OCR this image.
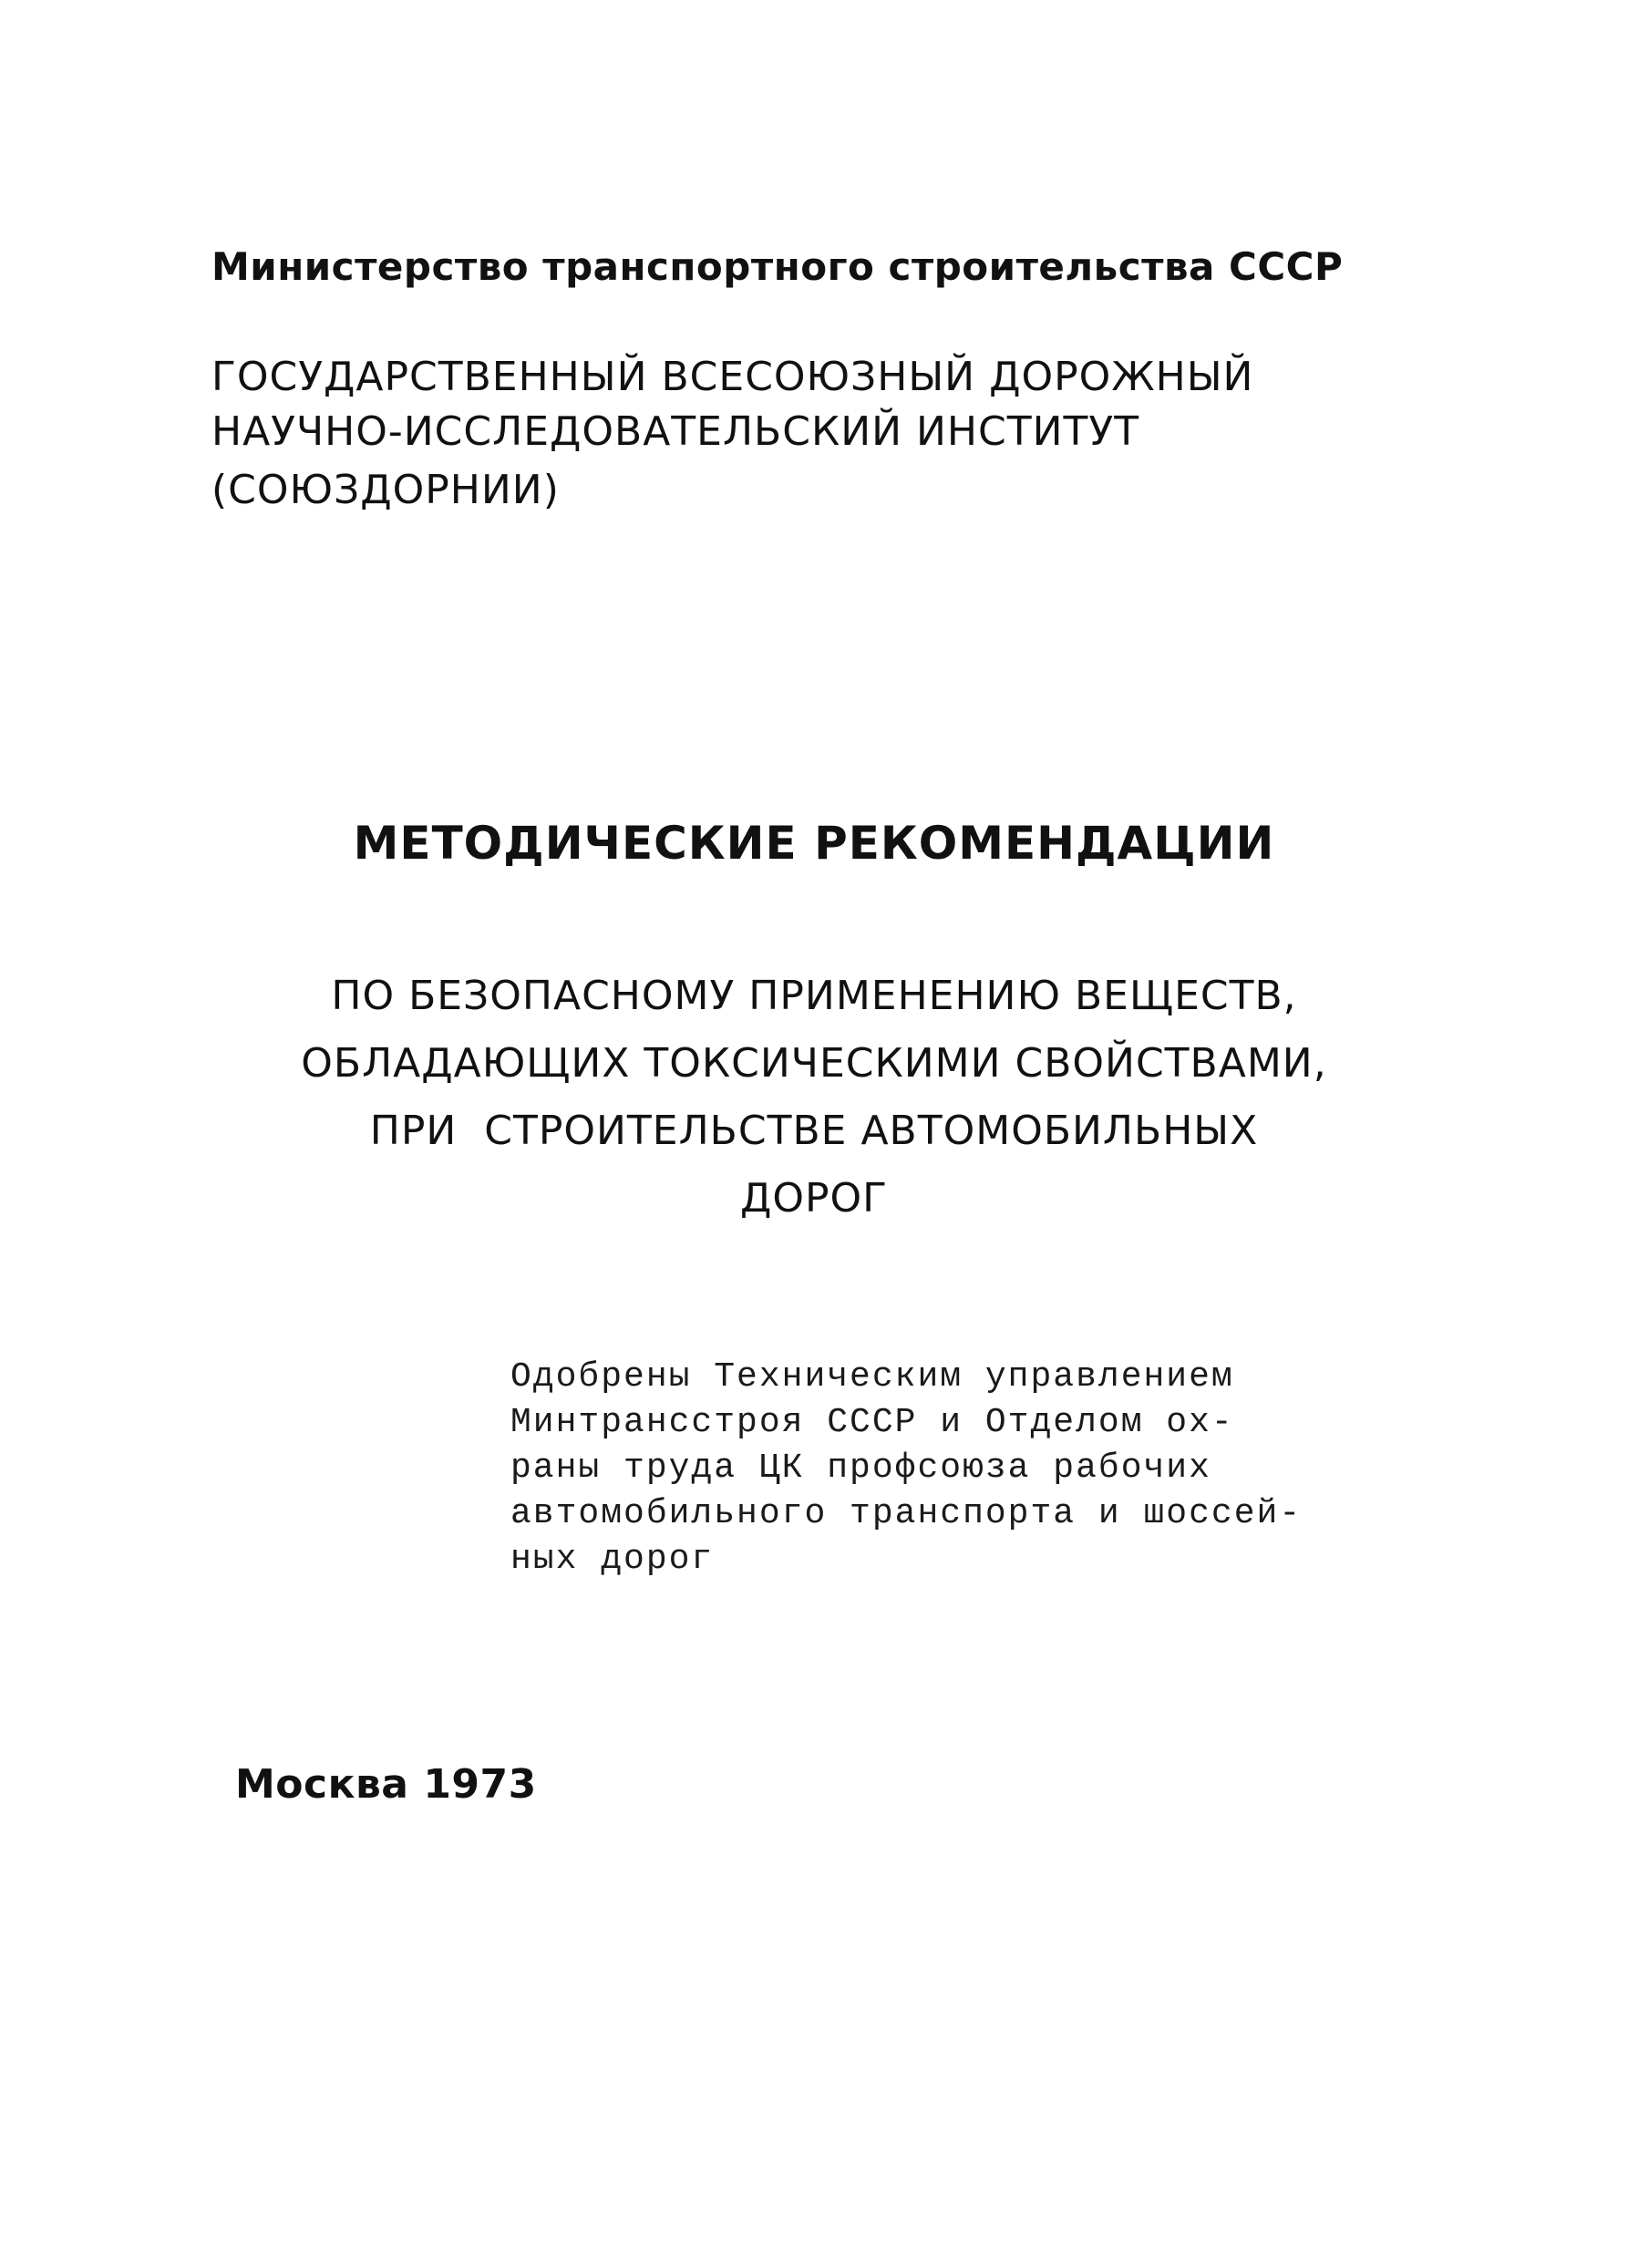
Министерство транспортного строительства СССР
ГОСУДАРСТВЕННЫЙ ВСЕСОЮЗНЫЙ ДОРОЖНЫЙ
НАУЧНО-ИССЛЕДОВАТЕЛЬСКИЙ ИНСТИТУТ
(СОЮЗДОРНИИ)
МЕТОДИЧЕСКИЕ РЕКОМЕНДАЦИИ
ПО БЕЗОПАСНОМУ ПРИМЕНЕНИЮ ВЕЩЕСТВ,
ОБЛАДАЮЩИХ ТОКСИЧЕСКИМИ СВОЙСТВАМИ,
ПРИ  СТРОИТЕЛЬСТВЕ АВТОМОБИЛЬНЫХ
ДОРОГ
Одобрены Техническим управлением
Минтрансстроя СССР и Отделом ох-
раны труда ЦК профсоюза рабочих
автомобильного транспорта и шоссей-
ных дорог
Москва 1973
